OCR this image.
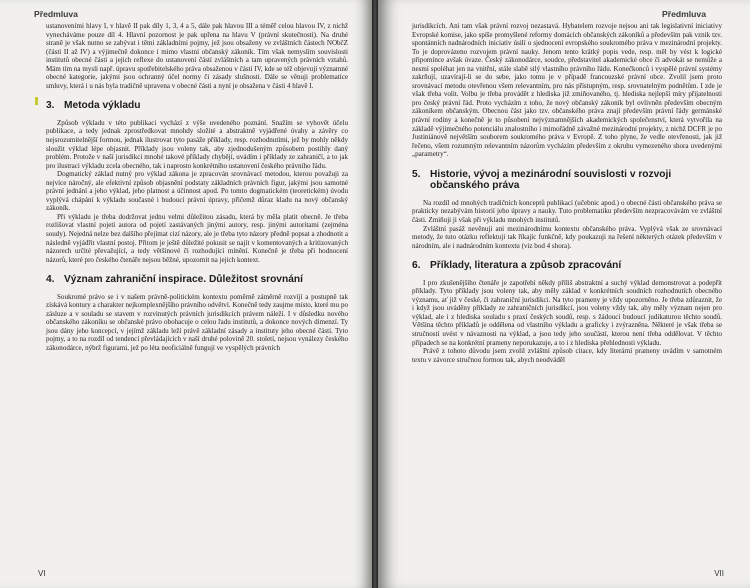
Předmluva

ustanoveními hlavy I, v hlavě II pak díly 1, 3, 4 a 5, dále pak hlavou III a téměř celou hlavou IV, z nichž vynecháváme pouze díl 4. Hlavní pozornost je pak upřena na hlavu V (právní skutečnosti). Na druhé straně je však nutno se zabývat i těmi základními pojmy, jež jsou obsaženy ve zvláštních částech NObčZ (části II až IV) a výjimečně dokonce i mimo vlastní občanský zákoník. Tím však nemyslím souvislosti institutů obecné části a jejich reflexe do ustanovení částí zvláštních a tam upravených právních vztahů. Mám tím na mysli např. úpravu spotřebitelského práva obsaženou v části IV, kde se též objevují významné obecné kategorie, jakými jsou ochranný účel normy či zásady slušnosti. Dále se věnuji problematice smluvy, která i u nás byla tradičně upravena v obecné části a nyní je obsažena v části 4 hlavě I.

3. Metoda výkladu

Způsob výkladu v této publikaci vychází z výše uvedeného poznání. Snažím se vyhovět účelu publikace, a tedy jednak zprostředkovat mnohdy složité a abstraktně vyjádřené úvahy a závěry co nejsrozumitelnější formou, jednak ilustrovat tyto pasáže příklady, resp. rozhodnutími, jež by mohly někdy sloužit výklad lépe objasnit. Příklady jsou voleny tak, aby zjednodušeným způsobem postihly daný problém. Protože v naší jurisdikci mnohé takové příklady chybějí, uvádím i příklady ze zahraničí, a to jak pro ilustraci výkladu zcela obecného, tak i naprosto konkrétního ustanovení českého právního řádu.

Dogmatický základ nutný pro výklad zákona je zpracován srovnávací metodou, kterou považuji za nejvíce náročný, ale efektivní způsob objasnění podstaty základních právních figur, jakými jsou samotné právní jednání a jeho výklad, jeho platnost a účinnost apod. Po tomto dogmatickém (teoretickém) úvodu vyplývá chápání k výkladu současné i budoucí právní úpravy, přičemž důraz kladu na nový občanský zákoník.

Při výkladu je třeba dodržovat jednu velmi důležitou zásadu, která by měla platit obecně. Je třeba rozlišovat vlastní pojetí autora od pojetí zastávaných jinými autory, resp. jinými autoritami (zejména soudy). Nejedná nelze bez dalšího přejímat cizí názory, ale je třeba tyto názory předně popsat a zhodnotit a následně vyjádřit vlastní postoj. Přitom je ještě důležité pokusit se najít v komentovaných a kritizovaných názorech určité převažující, a tedy většinové či rozhodující mínění. Konečně je třeba při hodnocení názorů, které pro českého čtenáře nejsou běžné, upozornit na jejich kontext.

4. Význam zahraniční inspirace. Důležitost srovnání

Soukromé právo se i v našem právně-politickém kontextu poměrně záměrně rozvíjí a postupně tak získává kontury a charakter nejkomplexnějšího právního odvětví. Konečně tedy zaujme místo, které mu po zásluze a v souladu se stavem v rozvinutých právních jurisdikcích právem náleží. I v důsledku nového občanského zákoníku se občanské právo obohacuje o celou řadu institutů, a dokonce nových dimenzí. Ty jsou dány jeho koncepcí, v jejímž základu leží právě základní zásady a instituty jeho obecné části. Tyto pojmy, a to na rozdíl od tendencí převládajících v naší druhé polovině 20. století, nejsou vynálezy českého zákonodárce, nýbrž figurami, jež po léta neoficiálně fungují ve vyspělých právních

VI
Předmluva

jurisdikcích. Ani tam však právní rozvoj nezastavá. Hybatelem rozvoje nejsou ani tak legislativní iniciativy Evropské komise, jako spíše promyšlené reformy domácích občanských zákoníků a především pak vznik tzv. spontánních nadnárodních iniciativ úsilí o sjednocení evropského soukromého práva v mezinárodní projekty. To je doprovázeno rozvojem právní nauky. Jenom tento krátký popis vede, resp. měl by vést k logické připomínce avšak úvaze. Český zákonodárce, soudce, představitel akademické obce či advokát se nemůže a nesmí spoléhat jen na vnitřní, stále slabě silý vlastního právního řádu. Konečkonců i vyspělé právní systémy zakrňují, uzavírají-li se do sebe, jako tomu je v případě francouzské právní obce. Zvolil jsem proto srovnávací metodu otevřenou všem relevantním, pro nás přístupným, resp. srovnatelným podnětům. I zde je však třeba volit. Volbu je třeba provádět z hlediska již zmiňovaného, tj. hlediska nejlepší míry přijatelnosti pro český právní řád. Proto vycházím z toho, že nový občanský zákoník byl ovlivněn především obecným zákoníkem občanským. Obecnou část jako tzv. občanského práva znají především právní řády germánské právní rodiny a konečně je to působení nejvýznamnějších akademických společenství, která vytvořila na základě výjimečného potenciálu znalostního i mimořádně závažné mezinárodní projekty, z nichž DCFR je po Justiniánově největším souborem soukromého práva v Evropě. Z toho plyne, že vedle otevřenosti, jak již řečeno, všem rozumným relevantním názorům vycházím především z okruhu vymezeného shora uvedenými „parametry“.

5. Historie, vývoj a mezinárodní souvislosti v rozvoji občanského práva

Na rozdíl od mnohých tradičních konceptů publikací (učebnic apod.) o obecné části občanského práva se prakticky nezabývám historií jeho úpravy a nauky. Tuto problematiku především nezpracovávám ve zvláštní části. Zmiňuji ji však při výkladu mnohých institutů.

Zvláštní pasáž nevěnuji ani mezinárodnímu kontextu občanského práva. Vyplývá však ze srovnávací metody, že tuto otázku reflektuji tak říkajíc funkčně, kdy poukazuji na řešení některých otázek především v národním, ale i nadnárodním kontextu (viz bod 4 shora).

6. Příklady, literatura a způsob zpracování

I pro zkušenějšího čtenáře je zapotřebí někdy příliš abstraktní a suchý výklad demonstrovat a podepřít příklady. Tyto příklady jsou voleny tak, aby měly základ v konkrétních soudních rozhodnutích obecného významu, ať již v české, či zahraniční jurisdikci. Na tyto prameny je vždy upozorněno. Je třeba zdůraznit, že i když jsou uváděny příklady ze zahraničních jurisdikcí, jsou voleny vždy tak, aby měly význam nejen pro výklad, ale i z hlediska souladu s praxí českých soudů, resp. s žádoucí budoucí judikaturou těchto soudů. Většina těchto příkladů je oddělena od vlastního výkladu a graficky i zvýrazněna. Některé je však třeba se stručností uvést v návaznosti na výklad, a jsou tedy jeho součástí, kterou není třeba oddělovat. V těchto případech se na konkrétní prameny neporukazuje, a to i z hlediska přehlednosti výkladu.

Právě z tohoto důvodu jsem zvolil zvláštní způsob citace, kdy literární prameny uvádím v samotném textu v závorce stručnou formou tak, abych neodváděl

VII
